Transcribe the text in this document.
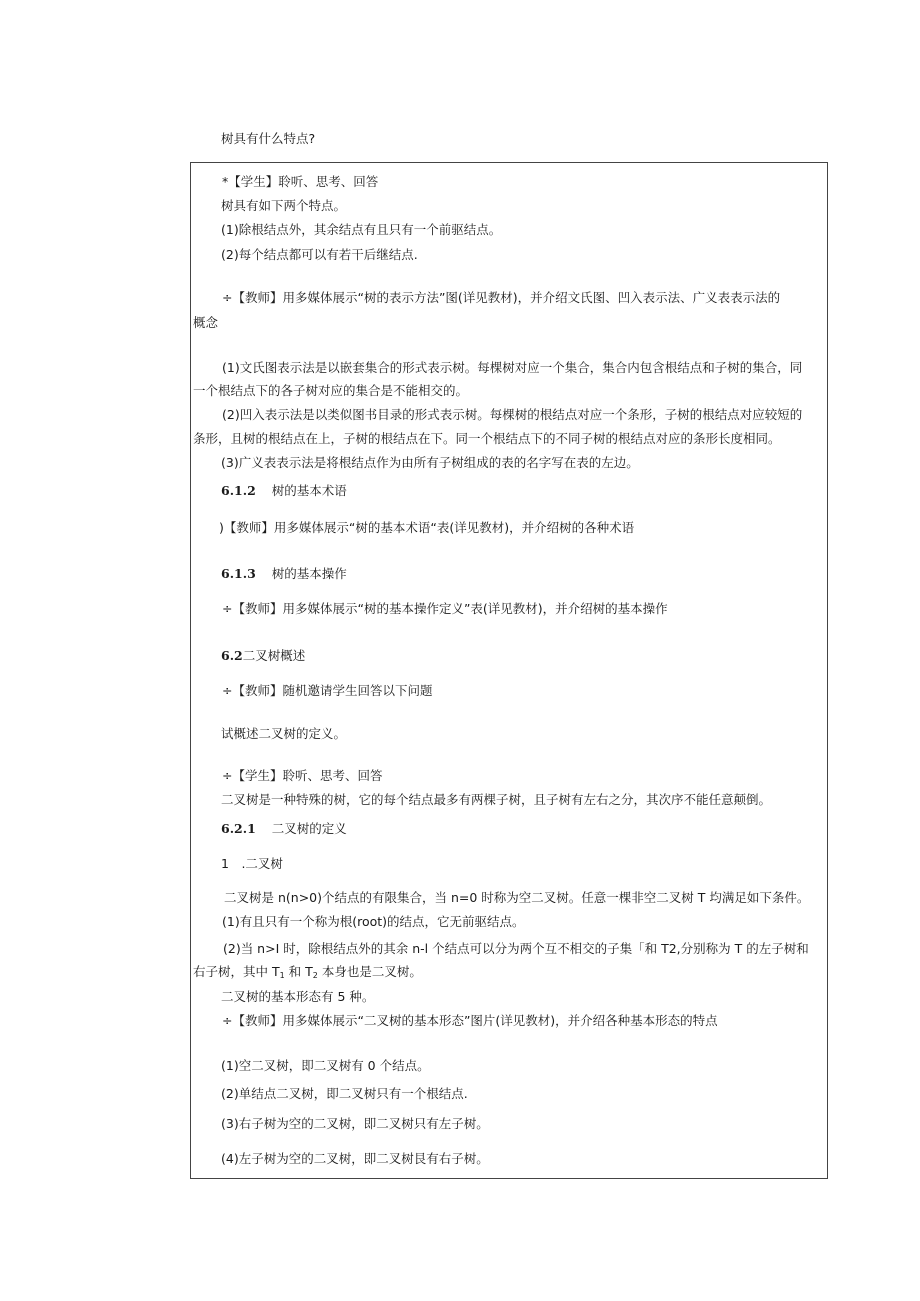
树具有什么特点?
*【学生】聆听、思考、回答
树具有如下两个特点。
(1)除根结点外，其余结点有且只有一个前驱结点。
(2)每个结点都可以有若干后继结点.
÷【教师】用多媒体展示“树的表示方法”图(详见教材)，并介绍文氏图、凹入表示法、广义表表示法的
概念
(1)文氏图表示法是以嵌套集合的形式表示树。每棵树对应一个集合，集合内包含根结点和子树的集合，同
一个根结点下的各子树对应的集合是不能相交的。
(2)凹入表示法是以类似图书目录的形式表示树。每棵树的根结点对应一个条形，子树的根结点对应较短的
条形，且树的根结点在上，子树的根结点在下。同一个根结点下的不同子树的根结点对应的条形长度相同。
(3)广义表表示法是将根结点作为由所有子树组成的表的名字写在表的左边。
6.1.2 树的基本术语
)【教师】用多媒体展示“树的基本术语“表(详见教材)，并介绍树的各种术语
6.1.3 树的基本操作
÷【教师】用多媒体展示“树的基本操作定义”表(详见教材)，并介绍树的基本操作
6.2二叉树概述
÷【教师】随机邀请学生回答以下问题
试概述二叉树的定义。
÷【学生】聆听、思考、回答
二叉树是一种特殊的树，它的每个结点最多有两棵子树，且子树有左右之分，其次序不能任意颠倒。
6.2.1 二叉树的定义
1　.二叉树
二叉树是 n(n>0)个结点的有限集合，当 n=0 时称为空二叉树。任意一棵非空二叉树 T 均满足如下条件。
(1)有且只有一个称为根(root)的结点，它无前驱结点。
(2)当 n>I 时，除根结点外的其余 n-l 个结点可以分为两个互不相交的子集「和 T2,分别称为 T 的左子树和
右子树，其中 $T_1$ 和 $T_2$ 本身也是二叉树。
二叉树的基本形态有 5 种。
÷【教师】用多媒体展示“二叉树的基本形态”图片(详见教材)，并介绍各种基本形态的特点
(1)空二叉树，即二叉树有 0 个结点。
(2)单结点二叉树，即二叉树只有一个根结点.
(3)右子树为空的二叉树，即二叉树只有左子树。
(4)左子树为空的二叉树，即二叉树艮有右子树。
